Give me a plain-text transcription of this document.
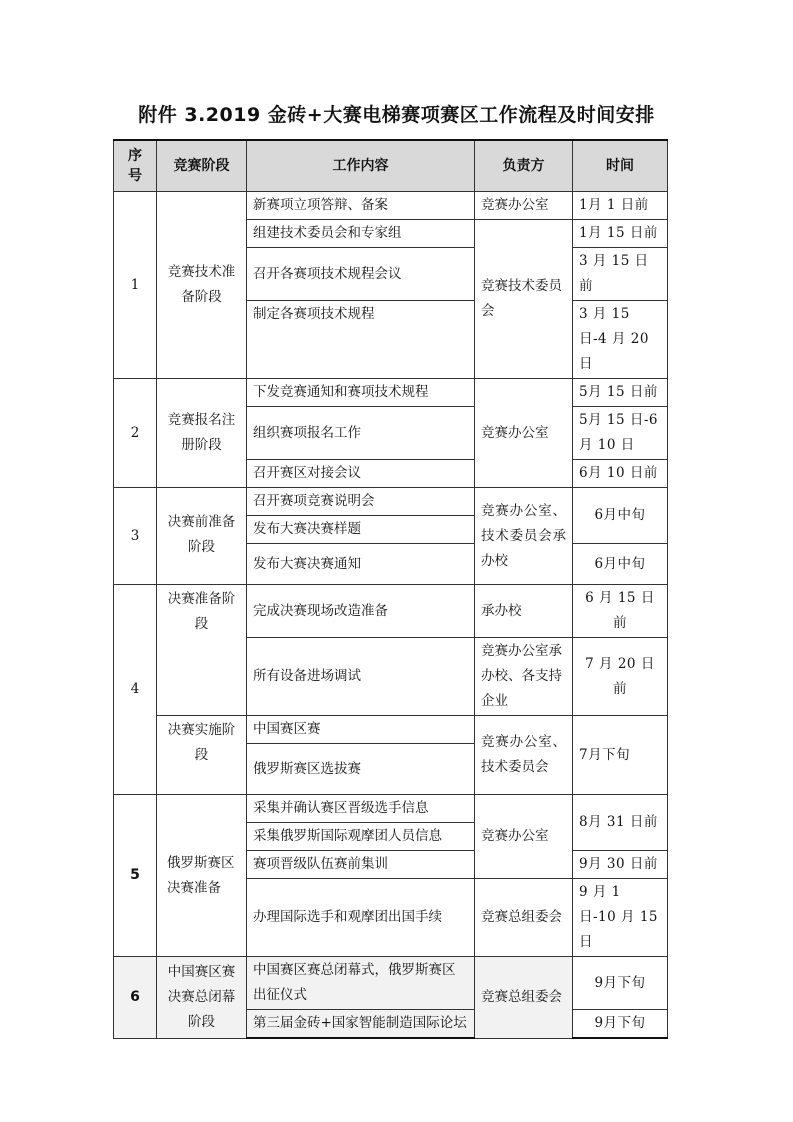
附件 3.2019 金砖+大赛电梯赛项赛区工作流程及时间安排
序号	竞赛阶段	工作内容	负责方	时间
1	竞赛技术准备阶段	新赛项立项答辩、备案	竞赛办公室	1月 1 日前
		组建技术委员会和专家组	竞赛技术委员会	1月 15 日前
		召开各赛项技术规程会议		3 月 15 日前
		制定各赛项技术规程		3 月 15 日-4 月 20 日
2	竞赛报名注册阶段	下发竞赛通知和赛项技术规程	竞赛办公室	5月 15 日前
		组织赛项报名工作		5月 15 日-6 月 10 日
		召开赛区对接会议		6月 10 日前
3	决赛前准备阶段	召开赛项竞赛说明会	竞赛办公室、技术委员会承办校	6月中旬
		发布大赛决赛样题		
		发布大赛决赛通知		6月中旬
4	决赛准备阶段	完成决赛现场改造准备	承办校	6 月 15 日前
		所有设备进场调试	竞赛办公室承办校、各支持企业	7 月 20 日前
	决赛实施阶段	中国赛区赛	竞赛办公室、技术委员会	7月下旬
		俄罗斯赛区选拔赛		
5	俄罗斯赛区决赛准备	采集并确认赛区晋级选手信息	竞赛办公室	8月 31 日前
		采集俄罗斯国际观摩团人员信息		
		赛项晋级队伍赛前集训		9月 30 日前
		办理国际选手和观摩团出国手续	竞赛总组委会	9 月 1 日-10 月 15 日
6	中国赛区赛决赛总闭幕阶段	中国赛区赛总闭幕式，俄罗斯赛区出征仪式	竞赛总组委会	9月下旬
		第三届金砖+国家智能制造国际论坛		9月下旬
